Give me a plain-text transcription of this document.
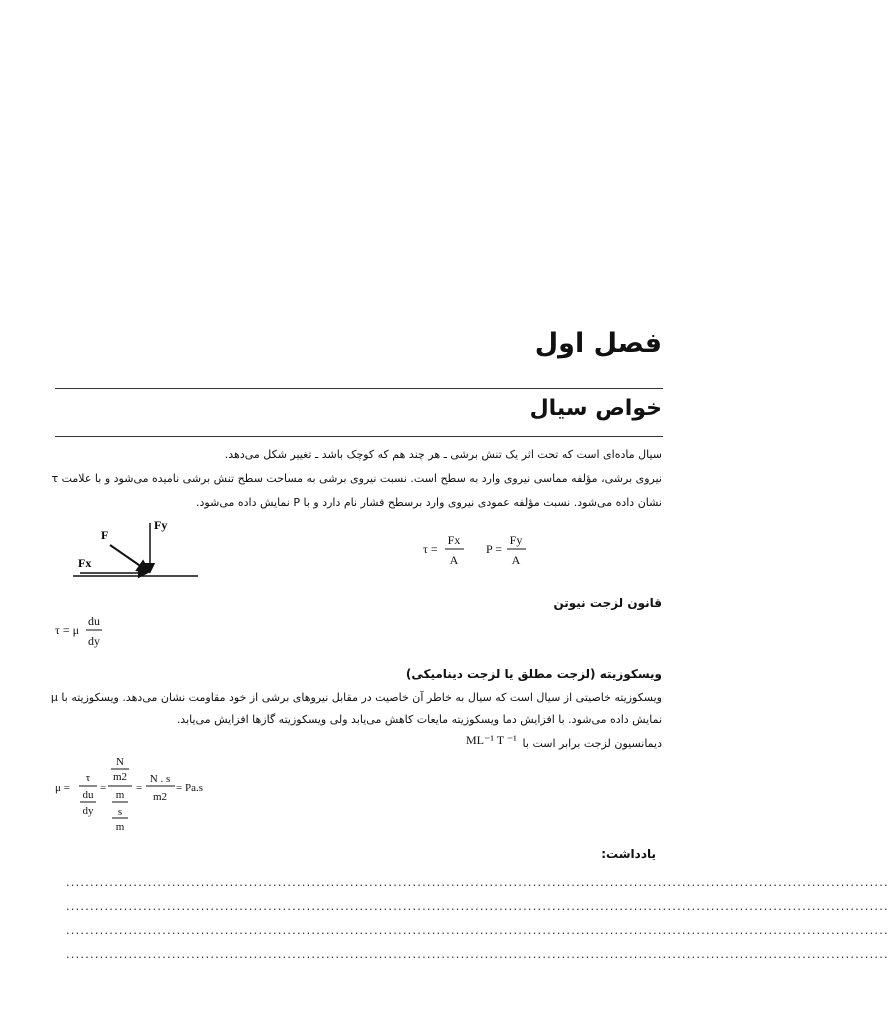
فصل اول
خواص سیال
سیال ماده‌ای است که تحت اثر یک تنش برشی ـ هر چند هم که کوچک باشد ـ تغییر شکل می‌دهد.
نیروی برشی، مؤلفه مماسی نیروی وارد به سطح است. نسبت نیروی برشی به مساحت سطح تنش برشی نامیده می‌شود و با علامت τ
نشان داده می‌شود. نسبت مؤلفه عمودی نیروی وارد برسطح فشار نام دارد و با P نمایش داده می‌شود.
F
Fy
Fx
τ =
Fx
A
P =
Fy
A
قانون لزجت نیوتن
τ = μ
du
dy
ویسکوزیته (لزجت مطلق یا لزجت دینامیکی)
ویسکوزیته خاصیتی از سیال است که سیال به خاطر آن خاصیت در مقابل نیروهای برشی از خود مقاومت نشان می‌دهد. ویسکوزیته با μ
نمایش داده می‌شود. با افزایش دما ویسکوزیته مایعات کاهش می‌یابد ولی ویسکوزیته گازها افزایش می‌یابد.
دیمانسیون لزجت برابر است با
ML⁻¹ T ⁻¹
μ =
τ
du
dy
=
N
m2
m
s
m
=
N . s
m2
= Pa.s
یادداشت:
...........................................................................................................................................................................
...........................................................................................................................................................................
...........................................................................................................................................................................
...........................................................................................................................................................................
